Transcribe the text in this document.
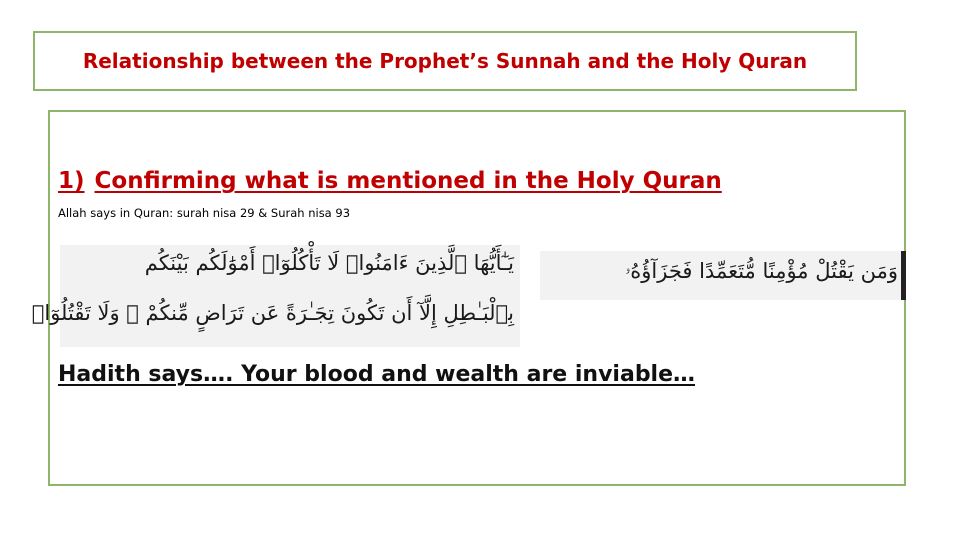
Relationship between the Prophet’s Sunnah and the Holy Quran
1) Confirming what is mentioned in the Holy Quran
Allah says in Quran: surah nisa 29 & Surah nisa 93
يَـٰٓأَيُّهَا ٱلَّذِينَ ءَامَنُوا۟ لَا تَأْكُلُوٓا۟ أَمْوَٰلَكُم بَيْنَكُم
بِٱلْبَـٰطِلِ إِلَّآ أَن تَكُونَ تِجَـٰرَةً عَن تَرَاضٍ مِّنكُمْ ۚ وَلَا تَقْتُلُوٓا۟
وَمَن يَقْتُلْ مُؤْمِنًا مُّتَعَمِّدًا فَجَزَآؤُهُۥ
Hadith says…. Your blood and wealth are inviable…
